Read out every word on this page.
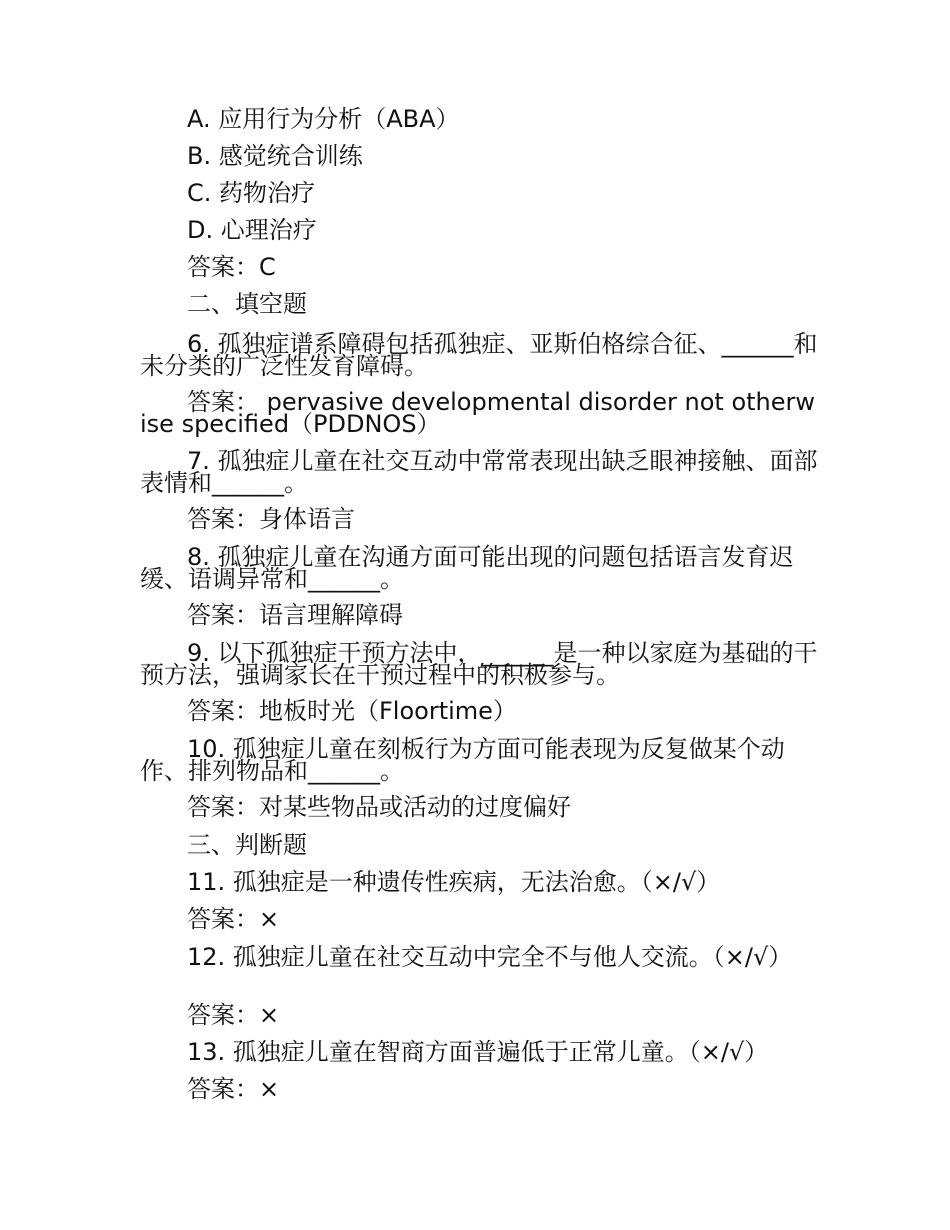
A. 应用行为分析（ABA）
B. 感觉统合训练
C. 药物治疗
D. 心理治疗
答案：C
二、填空题
6. 孤独症谱系障碍包括孤独症、亚斯伯格综合征、______和未分类的广泛性发育障碍。
答案： pervasive developmental disorder not otherwise specified（PDDNOS）
7. 孤独症儿童在社交互动中常常表现出缺乏眼神接触、面部表情和______。
答案：身体语言
8. 孤独症儿童在沟通方面可能出现的问题包括语言发育迟缓、语调异常和______。
答案：语言理解障碍
9. 以下孤独症干预方法中，______是一种以家庭为基础的干预方法，强调家长在干预过程中的积极参与。
答案：地板时光（Floortime）
10. 孤独症儿童在刻板行为方面可能表现为反复做某个动作、排列物品和______。
答案：对某些物品或活动的过度偏好
三、判断题
11. 孤独症是一种遗传性疾病，无法治愈。（×/√）
答案：×
12. 孤独症儿童在社交互动中完全不与他人交流。（×/√）
答案：×
13. 孤独症儿童在智商方面普遍低于正常儿童。（×/√）
答案：×
